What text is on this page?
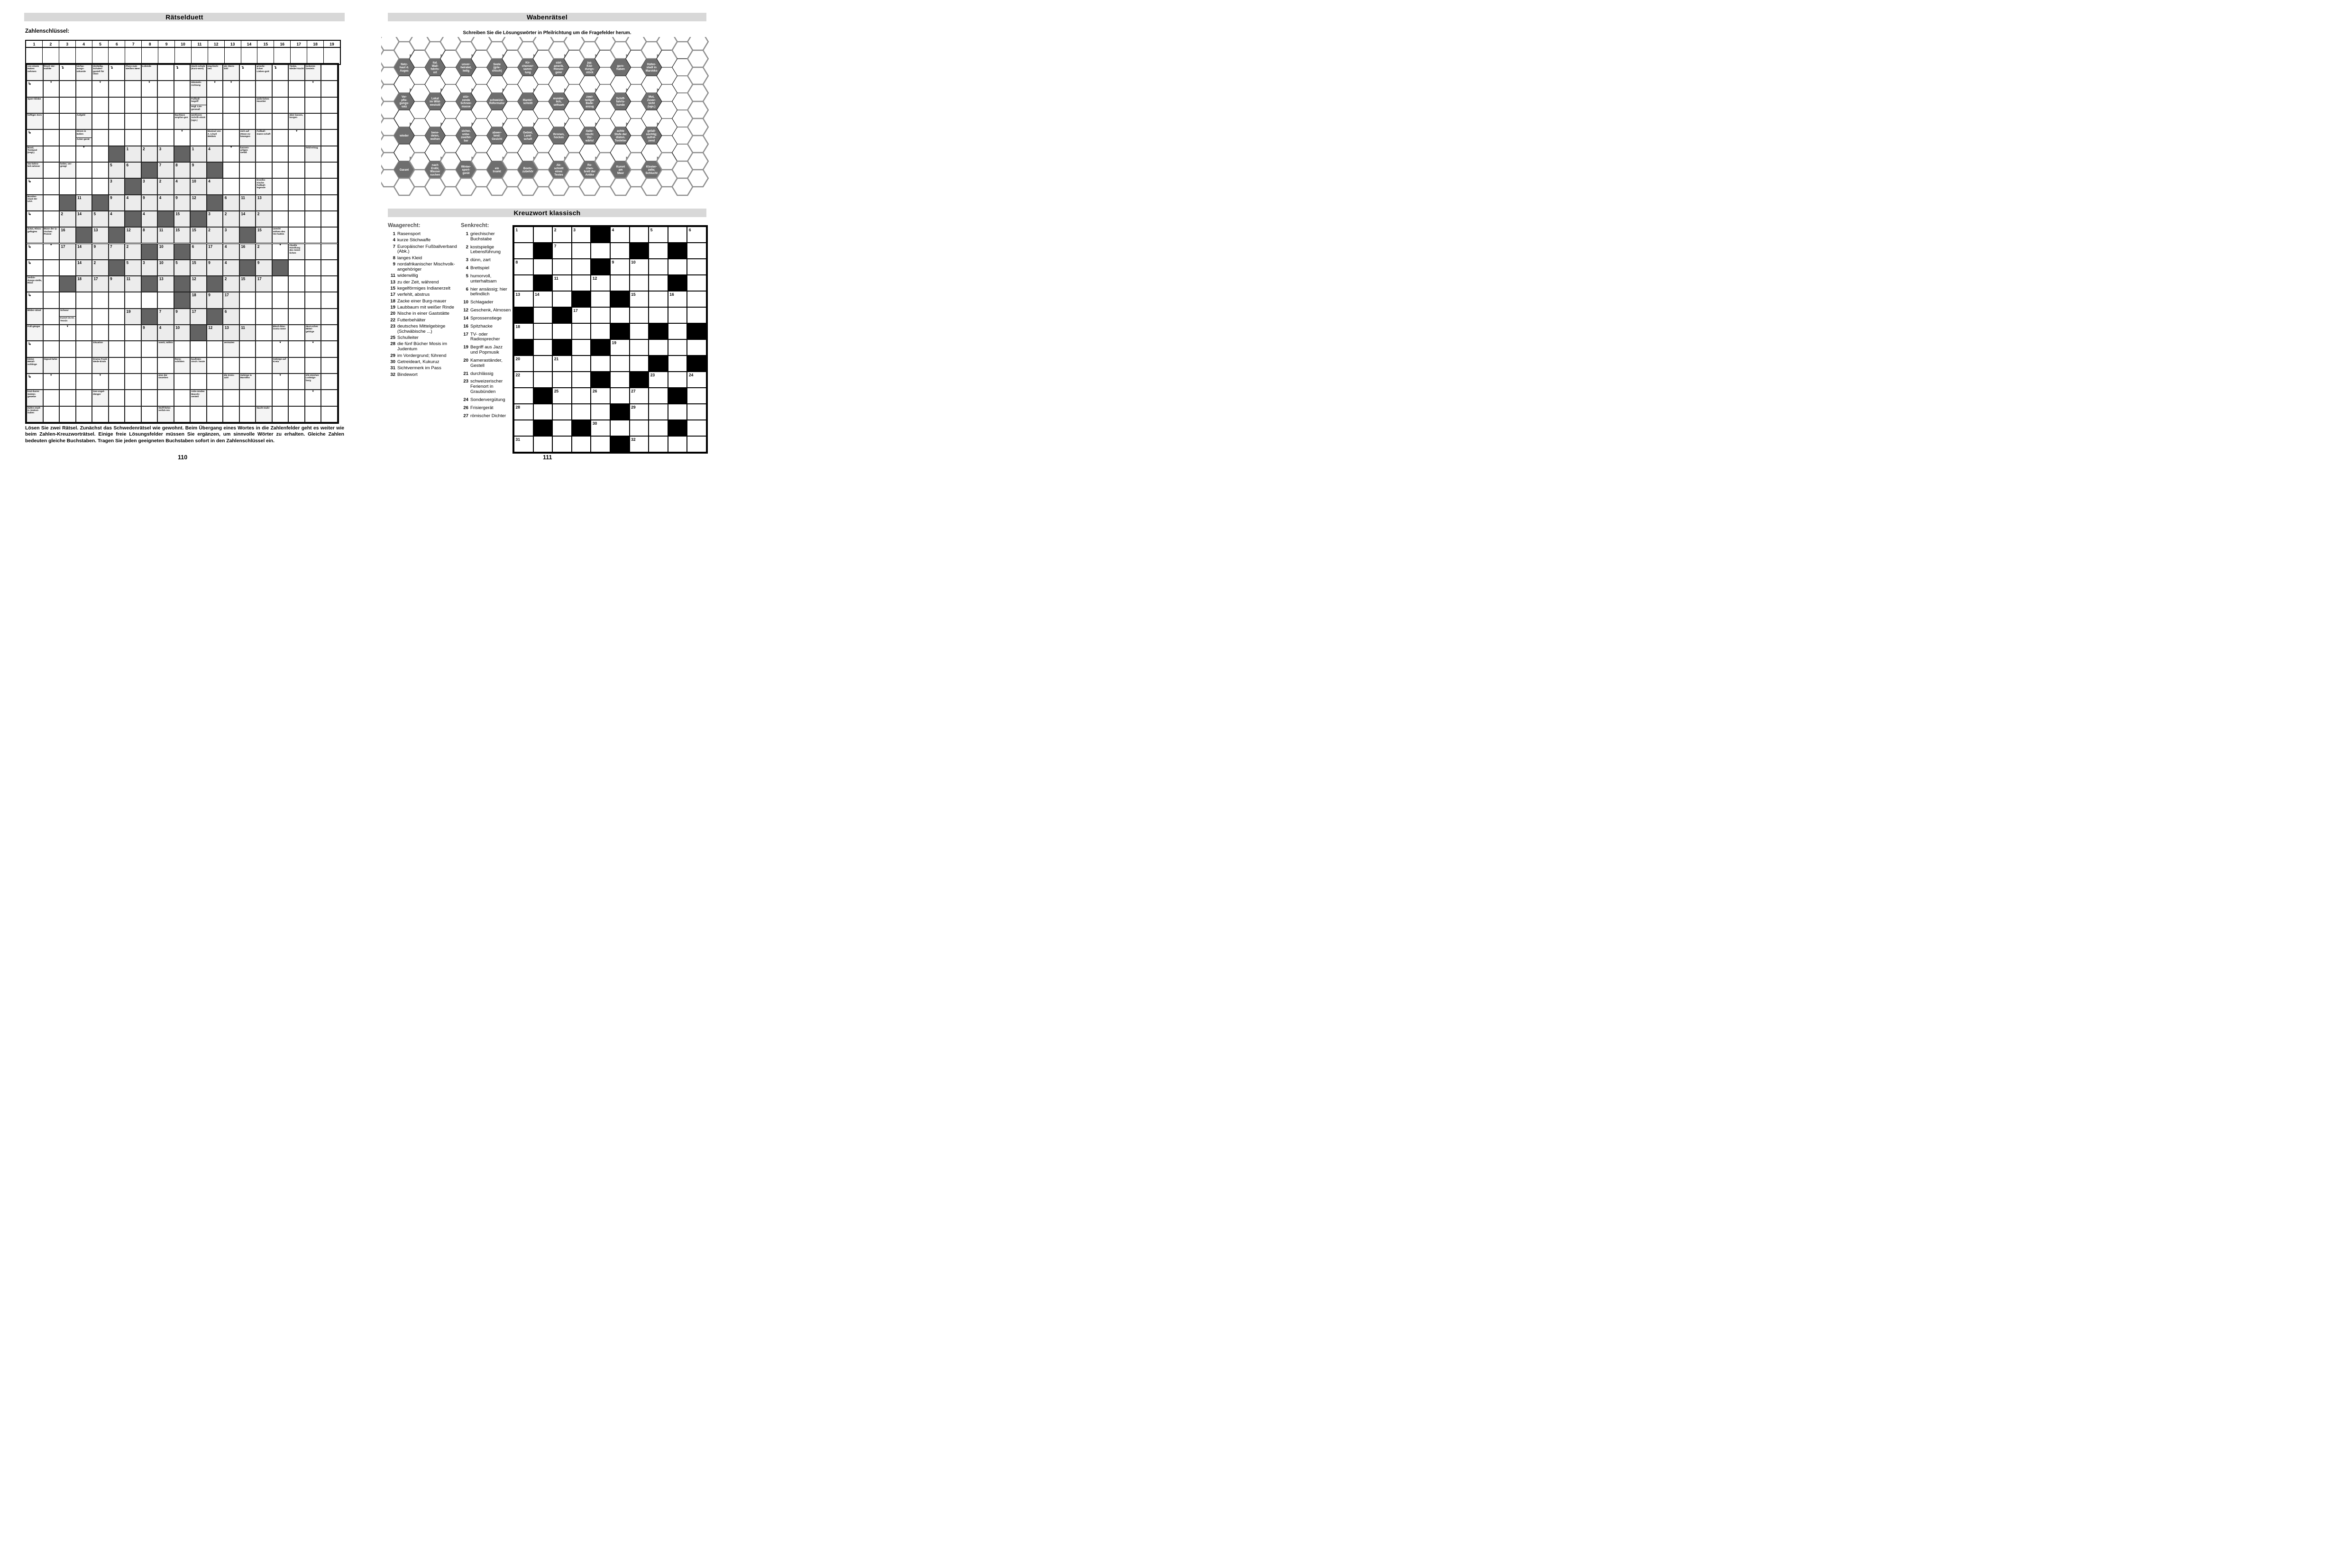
Rätselduett
Zahlenschlüssel:
1	2	3	4	5	6	7	8	9	10	11	12	13	14	15	16	17	18	19
von einem Haken nehmen
frisch Ver-mählte	↴	Verfas-sungs-urkunde
dreiteilig. Schalen-gestell für Obst
↴	Fluss zum Weißen Meer
Lobrede	↴	Hoch-schule (Kurz-wort)
eng-lisch: neu
ein Stern-bild	↴	griechi-scher Liebes-gott
↴	Tücke, Nieder-tracht
lockeres Gestein
↳	▼	▼	▼	Himmels-richtung
▼	▼	▼
Sperr-klinke	Fußball-begriff
engl. Län-genmaß
weib-liches Haustier
heftiger Zorn	Aufgeld	Nachlass empfan-gen
wertloses Schrift-stück (ugs.)
über-lassen, borgen
↳	Strom in Indien
Acker-gerät
▼	Musical von A. Lloyd Webber
sich auf etwas zu-bewegen
Fußball-mann-schaft
▼
Band, Tonband (engl.)
▼	1	2	3	1	4	▼	kannen-artiges Gefäß
Feld-ertrag
Ver-kehrs-teil-nehmer
heiter, ver-gnügt	5	6	7	8	9
↳	3	3	2	4	10	4	brasilia-nische Fußball-legende
Bundes-staat der USA
11	9	4	9	4	9	12	6	11	13
↳	2	14	5	4	4	15	3	2	14	2
Zutat, Hinzu-gefügtes
Muse der ly-rischen Poesie
16	13	12	8	11	15	15	2	3	15	unecht wirken-des Ver-halten
↳	▼	17	14	9	7	2	10	6	17	4	16	2	▼	rituelle Handlung des Geist-lichen
↳	14	2	5	3	10	5	15	9	4	9
Verbin-dungs-stelle, Ritze
18	17	9	11	13	12	2	15	17
↳	18	9	17
Bilder-rätsel	Schwur
Kurort im Kt. Tessin
19	7	9	17	6
Fuß-gänger	▼	9	4	10	12	13	11	Blech-blas-instru-ment
deut-sches Mittel-gebirge
↳	Situation	somit, mithin	vermuten	▼	▼
kleine Metall-schlinge
Signal-farbe	Drama Frank Wede-kinds
Renn-schlitten
kaufmän-nisch: heute
Gebirge auf Kreta
↳	▼	▼	eine der Gezeiten
die Kreis-zahl
Gebirge in Marokko
▼	Kfz-Zeichen Ludwigs-burg
kost-bares Seiden-gewebe
See-vogel-dünger
rotie-rendes Maschi-nenteil
▼
Hafen-stadt in Südost-italien
Stoff-färbe-verfah-ren
Nacht-mahr
Lösen Sie zwei Rätsel. Zunächst das Schwedenrätsel wie gewohnt. Beim Übergang eines Wortes in die Zahlenfelder geht es weiter wie beim Zahlen-Kreuzworträtsel. Einige freie Lösungsfelder müssen Sie ergänzen, um sinnvolle Wörter zu erhalten. Gleiche Zahlen bedeuten gleiche Buchstaben. Tragen Sie jeden geeigneten Buchstaben sofort in den Zahlenschlüssel ein.
110
Wabenrätsel
Schreiben Sie die Lösungswörter in Pfeilrichtung um die Fragefelder herum.
Netz-haut d. Auges
Ver-pfle-gungs-satz
wieder
Garant
ital. Wall-fahrts-ort
Lokal im Wild-weststil
bene-deien, weihen
nach Erdöl, Wasser suchen
unver-heiratet, ledig
stür-zende Schnee-masse
sicher, unbe-zweifel-bar
Winter-sport-gerät
Seele (grie-chisch)
schweizer. Reformator
abwer-tend: Gesicht
ein Insekt
Kir-chenver-samm-lung
Mantel-schnitt
Gebiet, Land-schaft
Boots-zubehör
süd-amerik. Riesen-geier
wunder-lich, seltsam
thronen, hocken
Ab-schnitt eines Textes
jap. Klei-dungs-stück
zwei-teiliger Bade-anzug
italie-nisch: Vor-wärts!
Re-chen-brett der Antike
gern-haben
Schiff-fahrts-kunde
achte Stufe der diaton. Tonleiter
Kurort am Meer
Hafen-stadt in Marokko
Mut, Zuver-sicht (ugs.)
gefall-süchtig; aufrei-zend
Kloster-zelle; Schlucht
Kreuzwort klassisch
Waagerecht:
1 Rasensport
4 kurze Stichwaffe
7 Europäischer Fußballverband (Abk.)
8 langes Kleid
9 nordafrikanischer Mischvolk-angehöriger
11 widerwillig
13 zu der Zeit, während
15 kegelförmiges Indianerzelt
17 verfehlt, abstrus
18 Zacke einer Burg-mauer
19 Laubbaum mit weißer Rinde
20 Nische in einer Gaststätte
22 Futterbehälter
23 deutsches Mittelgebirge (Schwäbische ...)
25 Schulleiter
28 die fünf Bücher Mosis im Judentum
29 im Vordergrund; führend
30 Getreideart, Kukuruz
31 Sichtvermerk im Pass
32 Bindewort
Senkrecht:
1 griechischer Buchstabe
2 kostspielige Lebensführung
3 dünn, zart
4 Brettspiel
5 humorvoll, unterhaltsam
6 hier ansässig; hier befindlich
10 Schlagader
12 Geschenk, Almosen
14 Sprossenstiege
16 Spitzhacke
17 TV- oder Radiosprecher
19 Begriff aus Jazz und Popmusik
20 Kameraständer, Gestell
21 durchlässig
23 schweizerischer Ferienort in Graubünden
24 Sondervergütung
26 Frisiergerät
27 römischer Dichter
1	2	3	4	5	6
7
8	9	10
11	12
13	14	15	16
17
18
19
20	21
22	23	24
25	26	27
28	29
30
31	32
111
